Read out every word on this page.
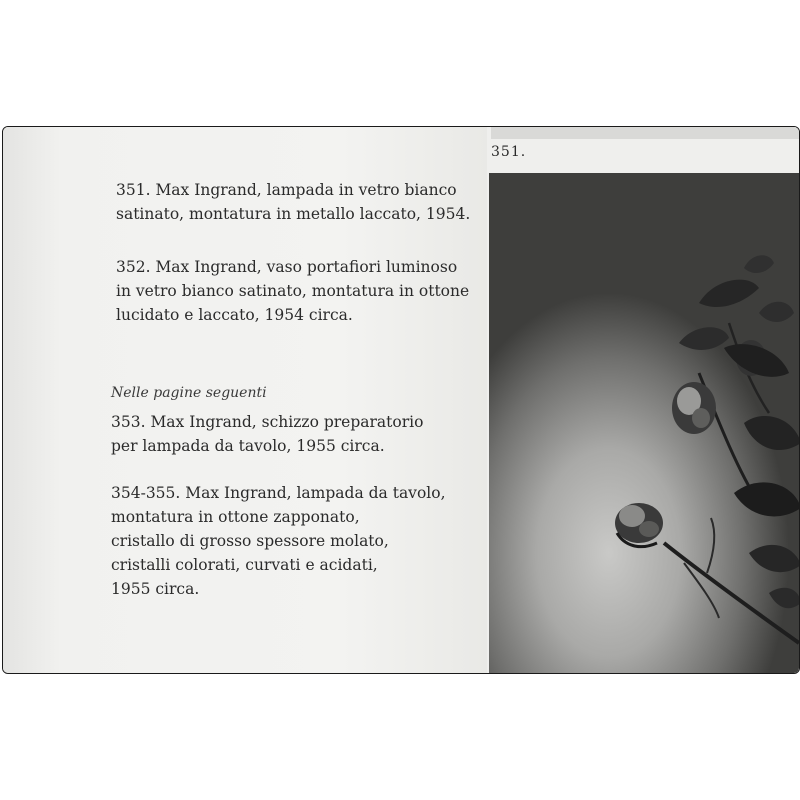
351. Max Ingrand, lampada in vetro bianco
satinato, montatura in metallo laccato, 1954.

352. Max Ingrand, vaso portafiori luminoso
in vetro bianco satinato, montatura in ottone
lucidato e laccato, 1954 circa.

Nelle pagine seguenti

353. Max Ingrand, schizzo preparatorio
per lampada da tavolo, 1955 circa.

354-355. Max Ingrand, lampada da tavolo,
montatura in ottone zapponato,
cristallo di grosso spessore molato,
cristalli colorati, curvati e acidati,
1955 circa.

351.
